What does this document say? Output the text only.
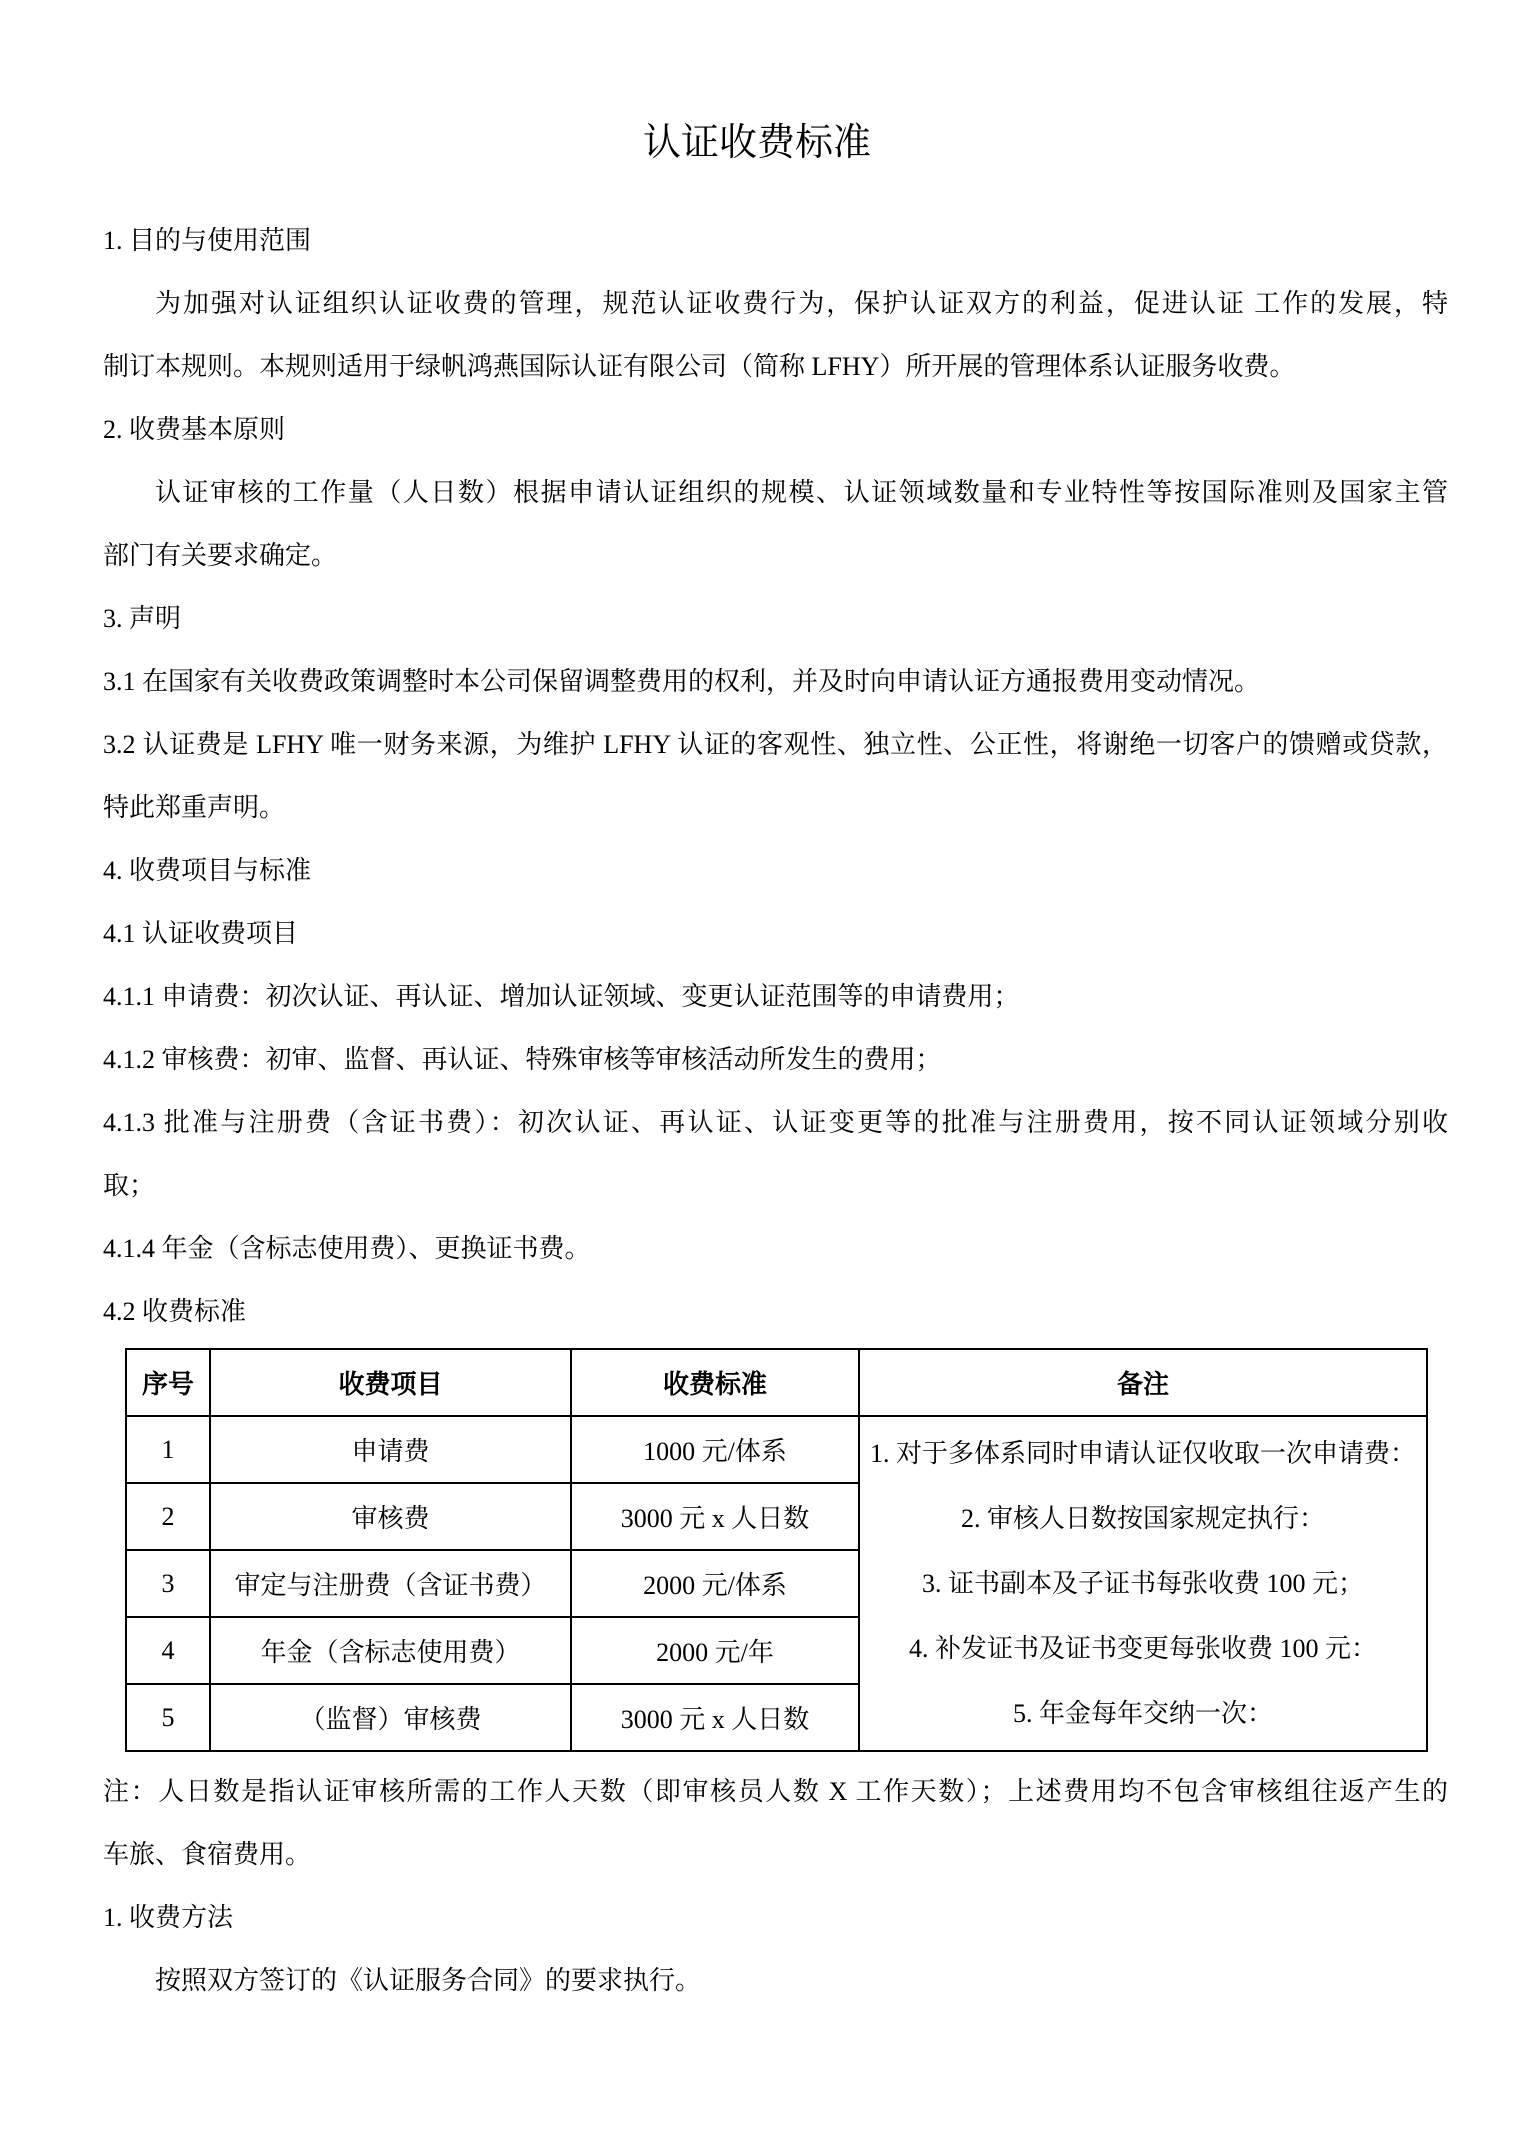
认证收费标准
1. 目的与使用范围
为加强对认证组织认证收费的管理，规范认证收费行为，保护认证双方的利益，促进认证 工作的发展，特
制订本规则。本规则适用于绿帆鸿燕国际认证有限公司（简称 LFHY）所开展的管理体系认证服务收费。
2. 收费基本原则
认证审核的工作量（人日数）根据申请认证组织的规模、认证领域数量和专业特性等按国际准则及国家主管
部门有关要求确定。
3. 声明
3.1 在国家有关收费政策调整时本公司保留调整费用的权利，并及时向申请认证方通报费用变动情况。
3.2 认证费是 LFHY 唯一财务来源，为维护 LFHY 认证的客观性、独立性、公正性，将谢绝一切客户的馈赠或贷款，
特此郑重声明。
4. 收费项目与标准
4.1 认证收费项目
4.1.1 申请费：初次认证、再认证、增加认证领域、变更认证范围等的申请费用；
4.1.2 审核费：初审、监督、再认证、特殊审核等审核活动所发生的费用；
4.1.3 批准与注册费（含证书费）：初次认证、再认证、认证变更等的批准与注册费用，按不同认证领域分别收
取；
4.1.4 年金（含标志使用费）、更换证书费。
4.2 收费标准
序号	收费项目	收费标准	备注
1	申请费	1000 元/体系	1. 对于多体系同时申请认证仅收取一次申请费：
2. 审核人日数按国家规定执行：
3. 证书副本及子证书每张收费 100 元；
4. 补发证书及证书变更每张收费 100 元：
5. 年金每年交纳一次：

2	审核费	3000 元 x 人日数	
3	审定与注册费（含证书费）	2000 元/体系	
4	年金（含标志使用费）	2000 元/年	
5	（监督）审核费	3000 元 x 人日数	
注：人日数是指认证审核所需的工作人天数（即审核员人数 X 工作天数）；上述费用均不包含审核组往返产生的
车旅、食宿费用。
1. 收费方法
按照双方签订的《认证服务合同》的要求执行。
